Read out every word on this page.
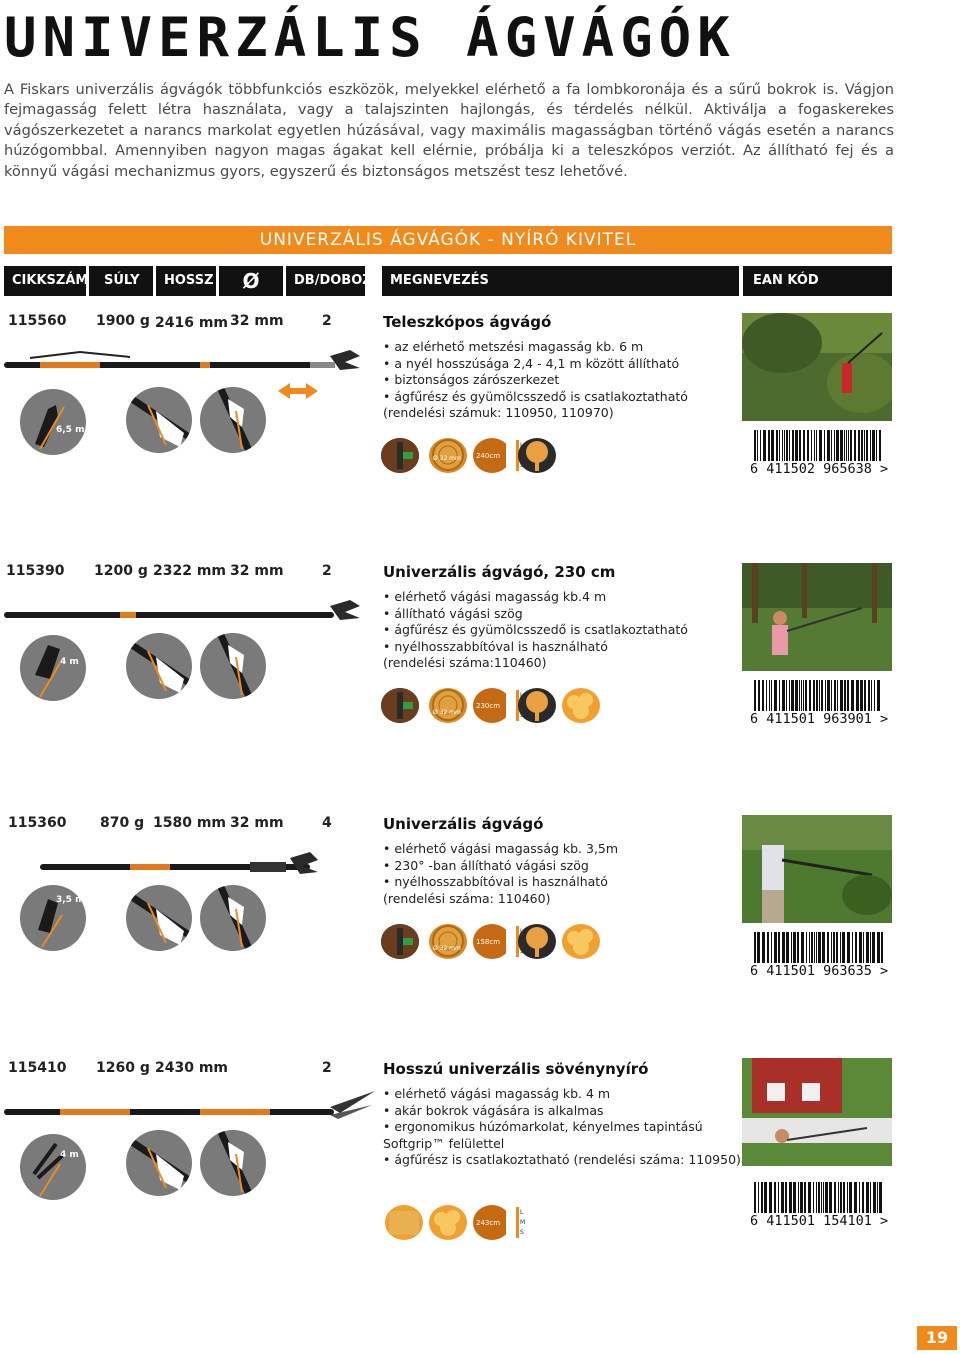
UNIVERZÁLIS ÁGVÁGÓK
A Fiskars univerzális ágvágók többfunkciós eszközök, melyekkel elérhető a fa lombkoronája és a sűrű bokrok is. Vágjon fejmagasság felett létra használata, vagy a talajszinten hajlongás, és térdelés nélkül. Aktiválja a fogaskerekes vágószerkezetet a narancs markolat egyetlen húzásával, vagy maximális magasságban történő vágás esetén a narancs húzógombbal. Amennyiben nagyon magas ágakat kell elérnie, próbálja ki a teleszkópos verziót. Az állítható fej és a könnyű vágási mechanizmus gyors, egyszerű és biztonságos metszést tesz lehetővé.
UNIVERZÁLIS ÁGVÁGÓK - NYÍRÓ KIVITEL
CIKKSZÁM	SÚLY	HOSSZ	Ø	DB/DOBOZ	MEGNEVEZÉS	EAN KÓD
115560 1900 g 2416 mm 32 mm	2	Teleszkópos ágvágó
• az elérhető metszési magasság kb. 6 m
• a nyél hosszúsága 2,4 - 4,1 m között állítható
• biztonságos zárószerkezet
• ágfűrész és gyümölcsszedő is csatlakoztatható
(rendelési számuk: 110950, 110970)
6,5 m
Ø 32 mm 240cm
6 411502 965638 >
115390 1200 g 2322 mm 32 mm	2	Univerzális ágvágó, 230 cm
• elérhető vágási magasság kb.4 m
• állítható vágási szög
• ágfűrész és gyümölcsszedő is csatlakoztatható
• nyélhosszabbítóval is használható
(rendelési száma:110460)
4 m
Ø 32 mm
230cm
6 411501 963901 >
115360 870 g 1580 mm 32 mm	4	Univerzális ágvágó
• elérhető vágási magasság kb. 3,5m
• 230° -ban állítható vágási szög
• nyélhosszabbítóval is használható
(rendelési száma: 110460)
3,5 m
Ø 32 mm
158cm
6 411501 963635 >
115410 1260 g 2430 mm	2	Hosszú univerzális sövénynyíró
• elérhető vágási magasság kb. 4 m
• akár bokrok vágására is alkalmas
• ergonomikus húzómarkolat, kényelmes tapintású
Softgrip™ felülettel
• ágfűrész is csatlakoztatható (rendelési száma: 110950)
4 m
243cm
L
M
S
6 411501 154101 >
19
